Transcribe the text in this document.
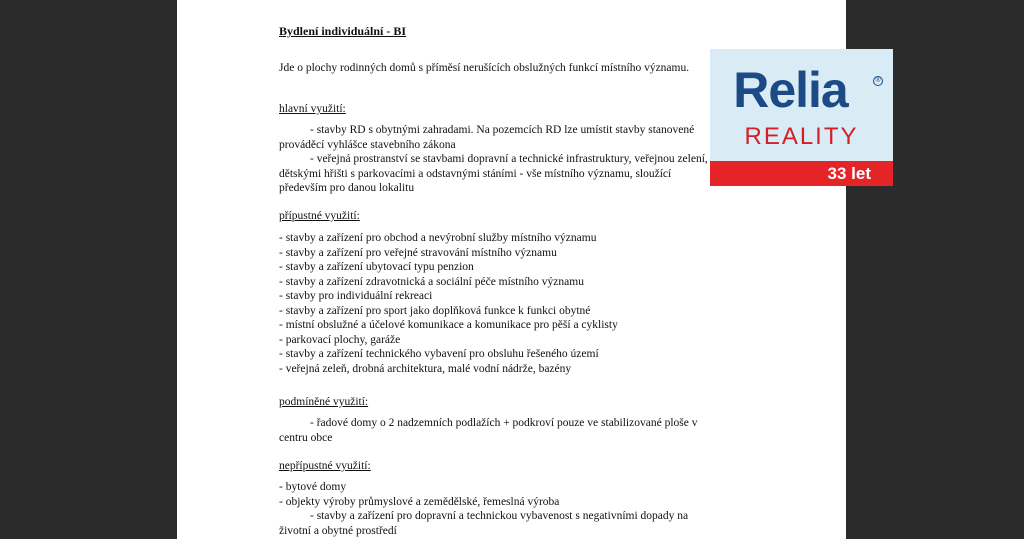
Bydlení individuální - BI
Jde o plochy rodinných domů s příměsí nerušících obslužných funkcí místního významu.
hlavní využití:
- stavby RD s obytnými zahradami. Na pozemcích RD lze umístit stavby stanovené
prováděcí vyhlášce stavebního zákona
- veřejná prostranství se stavbami dopravní a technické infrastruktury, veřejnou zelení,
dětskými hřišti s parkovacími a odstavnými stáními - vše místního významu, sloužící
především pro danou lokalitu
přípustné využití:
- stavby a zařízení pro obchod a nevýrobní služby místního významu
- stavby a zařízení pro veřejné stravování místního významu
- stavby a zařízení ubytovací typu penzion
- stavby a zařízení zdravotnická a sociální péče místního významu
- stavby pro individuální rekreaci
- stavby a zařízení pro sport jako doplňková funkce k funkci obytné
- místní obslužné a účelové komunikace a komunikace pro pěší a cyklisty
- parkovací plochy, garáže
- stavby a zařízení technického vybavení pro obsluhu řešeného území
- veřejná zeleň, drobná architektura, malé vodní nádrže, bazény
podmíněné využití:
- řadové domy o 2 nadzemních podlažích + podkroví pouze ve stabilizované ploše v
centru obce
nepřípustné využití:
- bytové domy
- objekty výroby průmyslové a zemědělské, řemeslná výroba
- stavby a zařízení pro dopravní a technickou vybavenost s negativními dopady na
životní a obytné prostředí
Relia	®
REALITY
33 let
